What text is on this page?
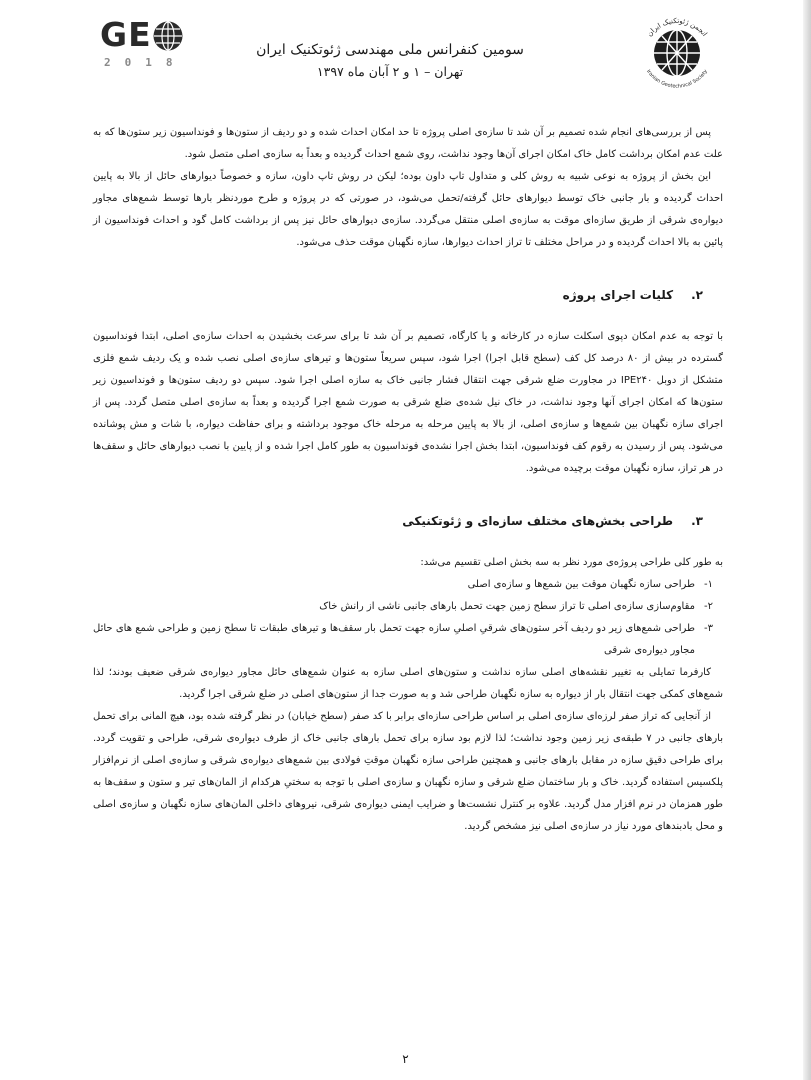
GE
2018
سومین کنفرانس ملی مهندسی ژئوتکنیک ایران
تهران – ۱ و ۲ آبان ماه ۱۳۹۷
انجمن ژئوتکنیک ایران
Iranian Geotechnical Society

پس از بررسی‌های انجام شده تصمیم بر آن شد تا سازه‌ی اصلی پروژه تا حد امکان احداث شده و دو ردیف از ستون‌ها و فونداسیون زیر ستون‌ها که به علت عدم امکان برداشت کامل خاک امکان اجرای آن‌ها وجود نداشت، روی شمع احداث گردیده و بعداً به سازه‌ی اصلی متصل شود.

این بخش از پروژه به نوعی شبیه به روش کلی و متداول تاپ داون بوده؛ لیکن در روش تاپ داون، سازه و خصوصاً دیوارهای حائل از بالا به پایین احداث گردیده و بار جانبی خاک توسط دیوارهای حائل گرفته/تحمل می‌شود، در صورتی که در پروژه و طرح موردنظر بارها توسط شمع‌های مجاور دیواره‌ی شرقی از طریق سازه‌ای موقت به سازه‌ی اصلی منتقل می‌گردد. سازه‌ی دیوارهای حائل نیز پس از برداشت کامل گود و احداث فونداسیون از پائین به بالا احداث گردیده و در مراحل مختلف تا تراز احداث دیوارها، سازه نگهبان موقت حذف می‌شود.

۲.
کلیات اجرای پروژه

با توجه به عدم امکان دپوی اسکلت سازه در کارخانه و یا کارگاه، تصمیم بر آن شد تا برای سرعت بخشیدن به احداث سازه‌ی اصلی، ابتدا فونداسیون گسترده در بیش از ۸۰ درصد کل کف (سطح قابل اجرا) اجرا شود، سپس سریعاً ستون‌ها و تیرهای سازه‌ی اصلی نصب شده و یک ردیف شمع فلزی متشکل از دوبل IPE۲۴۰ در مجاورت ضلع شرقی جهت انتقال فشار جانبی خاک به سازه اصلی اجرا شود. سپس دو ردیف ستون‌ها و فونداسیون زیر ستون‌ها که امکان اجرای آنها وجود نداشت، در خاک نیل شده‌ی ضلع شرقی به صورت شمع اجرا گردیده و بعداً به سازه‌ی اصلی متصل گردد. پس از اجرای سازه نگهبان بین شمع‌ها و سازه‌ی اصلی، از بالا به پایین مرحله به مرحله خاک موجود برداشته و برای حفاظت دیواره، با شات و مش پوشانده می‌شود. پس از رسیدن به رقوم کف فونداسیون، ابتدا بخش اجرا نشده‌ی فونداسیون به طور کامل اجرا شده و از پایین با نصب دیوارهای حائل و سقف‌ها در هر تراز، سازه نگهبان موقت برچیده می‌شود.

۳.
طراحی بخش‌های مختلف سازه‌ای و ژئوتکنیکی

به طور کلی طراحی پروژه‌ی مورد نظر به سه بخش اصلی تقسیم می‌شد:

۱-
طراحی سازه نگهبان موقت بین شمع‌ها و سازه‌ی اصلی
۲-
مقاوم‌سازی سازه‌ی اصلی تا تراز سطح زمین جهت تحمل بارهای جانبی ناشی از رانش خاک
۳-
طراحی شمع‌های زیر دو ردیف آخر ستون‌های شرقیِ اصلیِ سازه جهت تحمل بار سقف‌ها و تیرهای طبقات تا سطح زمین و طراحی شمع های حائل مجاور دیواره‌ی شرقی

کارفرما تمایلی به تغییر نقشه‌های اصلی سازه نداشت و ستون‌های اصلی سازه به عنوان شمع‌های حائل مجاور دیواره‌ی شرقی ضعیف بودند؛ لذا شمع‌های کمکی جهت انتقال بار از دیواره به سازه نگهبان طراحی شد و به صورت جدا از ستون‌های اصلی در ضلع شرقی اجرا گردید.

از آنجایی که تراز صفر لرزه‌ای سازه‌ی اصلی بر اساس طراحی سازه‌ای برابر با کد صفر (سطح خیابان) در نظر گرفته شده بود، هیچ المانی برای تحمل بارهای جانبی در ۷ طبقه‌ی زیر زمین وجود نداشت؛ لذا لازم بود سازه برای تحمل بارهای جانبی خاک از طرف دیواره‌ی شرقی، طراحی و تقویت گردد. برای طراحی دقیق سازه در مقابل بارهای جانبی و همچنین طراحی سازه نگهبان موقتِ فولادی بین شمع‌های دیواره‌ی شرقی و سازه‌ی اصلی از نرم‌افزار پلکسیس استفاده گردید. خاک و بار ساختمان ضلع شرقی و سازه نگهبان و سازه‌ی اصلی با توجه به سختیِ هرکدام از المان‌های تیر و ستون و سقف‌ها به طور همزمان در نرم افزار مدل گردید. علاوه بر کنترل نشست‌ها و ضرایب ایمنی دیواره‌ی شرقی، نیروهای داخلی المان‌های سازه نگهبان و سازه‌ی اصلی و محل بادبندهای مورد نیاز در سازه‌ی اصلی نیز مشخص گردید.

۲
